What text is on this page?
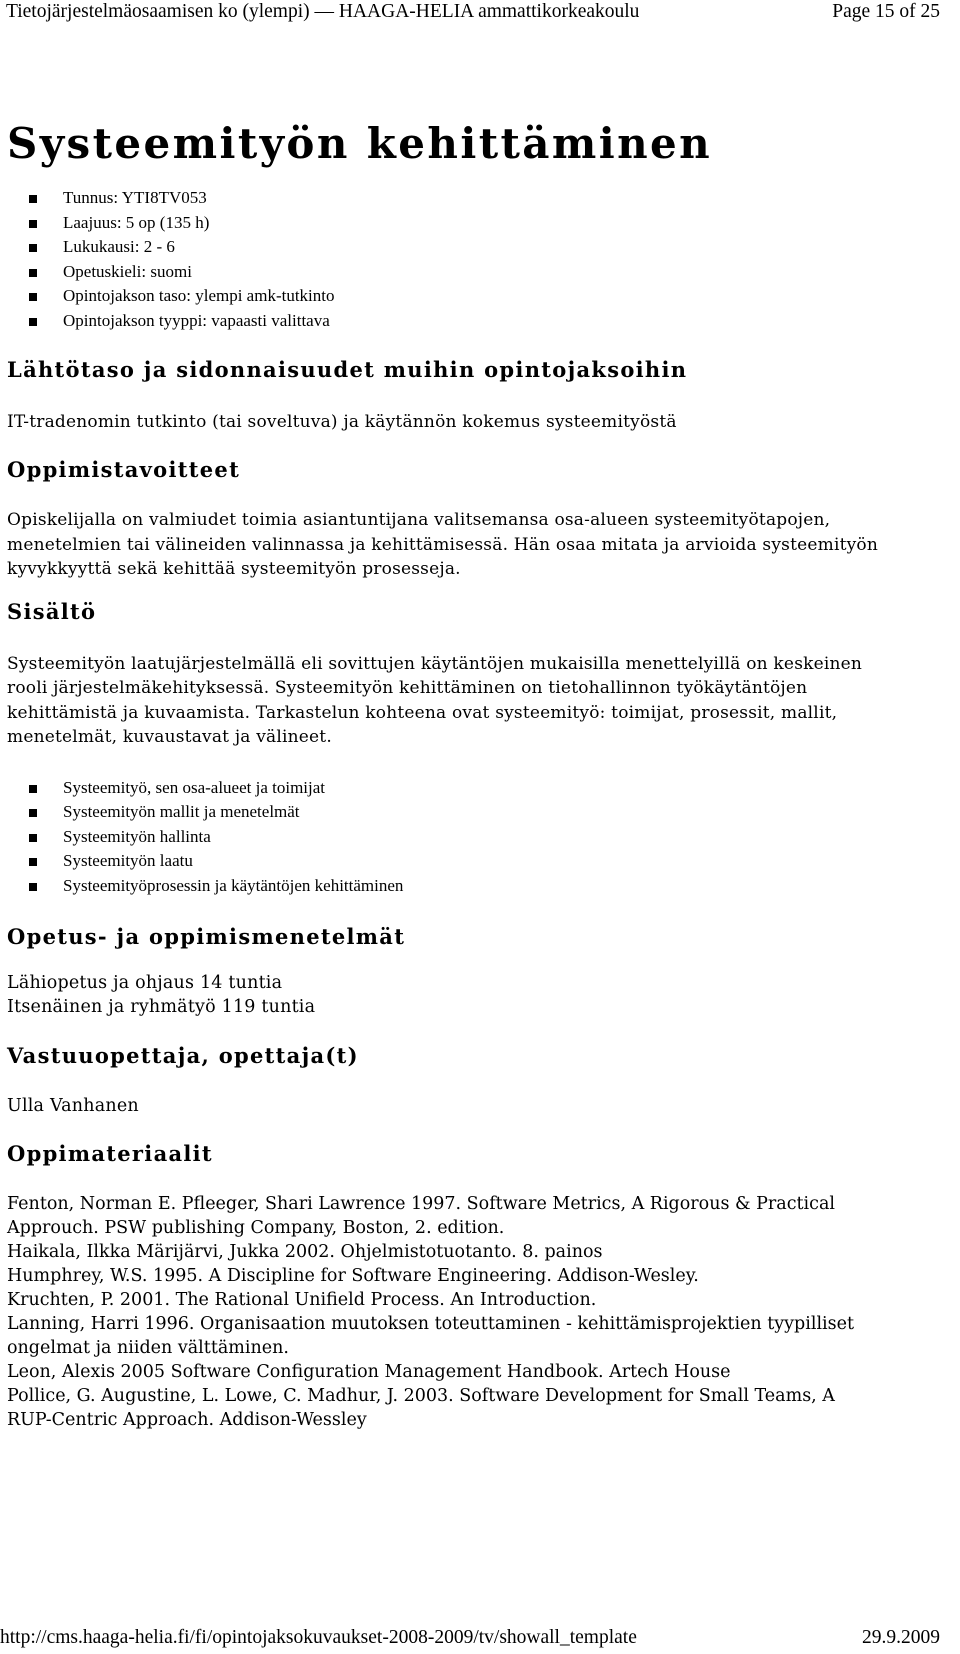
Tietojärjestelmäosaamisen ko (ylempi) — HAAGA-HELIA ammattikorkeakoulu	Page 15 of 25
Systeemityön kehittäminen
Tunnus: YTI8TV053
Laajuus: 5 op (135 h)
Lukukausi: 2 - 6
Opetuskieli: suomi
Opintojakson taso: ylempi amk-tutkinto
Opintojakson tyyppi: vapaasti valittava
Lähtötaso ja sidonnaisuudet muihin opintojaksoihin

IT-tradenomin tutkinto (tai soveltuva) ja käytännön kokemus systeemityöstä

Oppimistavoitteet

Opiskelijalla on valmiudet toimia asiantuntijana valitsemansa osa-alueen systeemityötapojen,

menetelmien tai välineiden valinnassa ja kehittämisessä. Hän osaa mitata ja arvioida systeemityön

kyvykkyyttä sekä kehittää systeemityön prosesseja.

Sisältö

Systeemityön laatujärjestelmällä eli sovittujen käytäntöjen mukaisilla menettelyillä on keskeinen

rooli järjestelmäkehityksessä. Systeemityön kehittäminen on tietohallinnon työkäytäntöjen

kehittämistä ja kuvaamista. Tarkastelun kohteena ovat systeemityö: toimijat, prosessit, mallit,

menetelmät, kuvaustavat ja välineet.

Systeemityö, sen osa-alueet ja toimijat
Systeemityön mallit ja menetelmät
Systeemityön hallinta
Systeemityön laatu
Systeemityöprosessin ja käytäntöjen kehittäminen
Opetus- ja oppimismenetelmät

Lähiopetus ja ohjaus 14 tuntia

Itsenäinen ja ryhmätyö 119 tuntia

Vastuuopettaja, opettaja(t)

Ulla Vanhanen

Oppimateriaalit

Fenton, Norman E. Pfleeger, Shari Lawrence 1997. Software Metrics, A Rigorous & Practical

Approuch. PSW publishing Company, Boston, 2. edition.

Haikala, Ilkka Märijärvi, Jukka 2002. Ohjelmistotuotanto. 8. painos

Humphrey, W.S. 1995. A Discipline for Software Engineering. Addison-Wesley.

Kruchten, P. 2001. The Rational Unifield Process. An Introduction.

Lanning, Harri 1996. Organisaation muutoksen toteuttaminen - kehittämisprojektien tyypilliset

ongelmat ja niiden välttäminen.

Leon, Alexis 2005 Software Configuration Management Handbook. Artech House

Pollice, G. Augustine, L. Lowe, C. Madhur, J. 2003. Software Development for Small Teams, A

RUP-Centric Approach. Addison-Wessley

http://cms.haaga-helia.fi/fi/opintojaksokuvaukset-2008-2009/tv/showall_template	29.9.2009
